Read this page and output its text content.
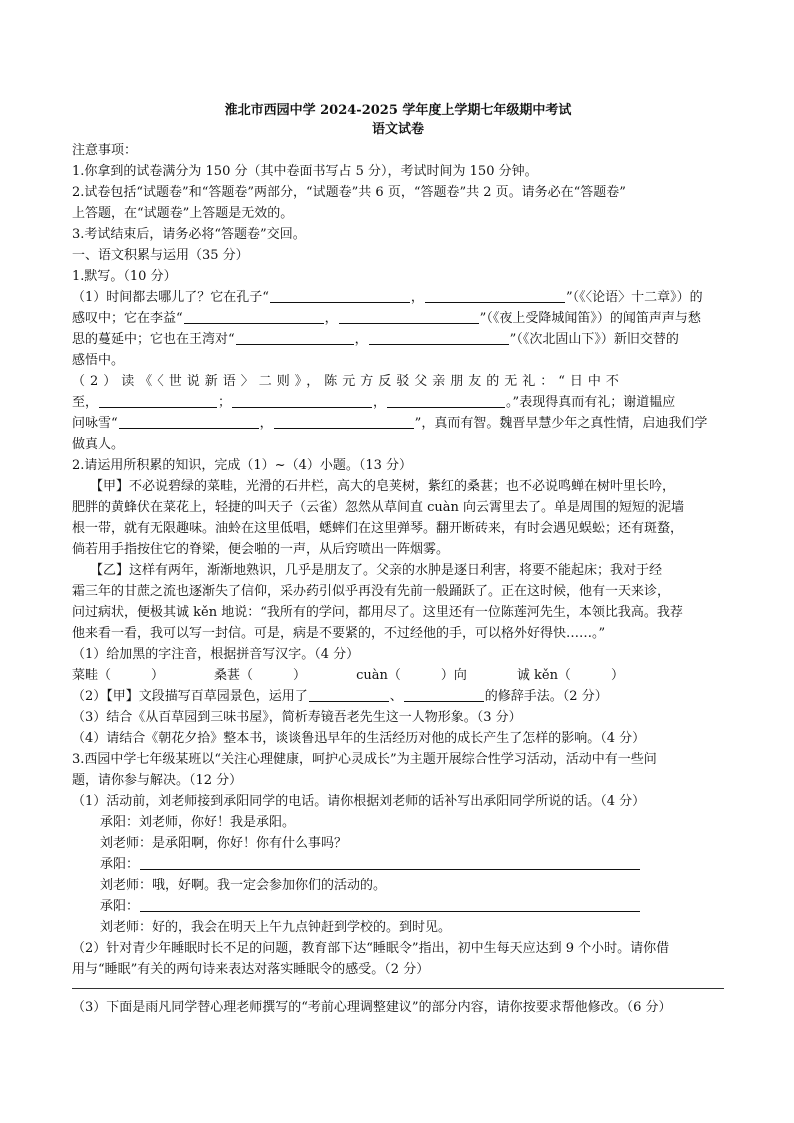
淮北市西园中学 2024-2025 学年度上学期七年级期中考试
语文试卷
注意事项：
1.你拿到的试卷满分为 150 分（其中卷面书写占 5 分），考试时间为 150 分钟。
2.试卷包括“试题卷”和“答题卷”两部分，“试题卷”共 6 页，“答题卷”共 2 页。请务必在“答题卷”
上答题，在“试题卷”上答题是无效的。
3.考试结束后，请务必将“答题卷”交回。
一、语文积累与运用（35 分）
1.默写。（10 分）
（1）时间都去哪儿了？它在孔子“	，	”（《〈论语〉十二章》）的
感叹中；它在李益“	，	”（《夜上受降城闻笛》）的闻笛声声与愁
思的蔓延中；它也在王湾对“	，	”（《次北固山下》）新旧交替的
感悟中。
（2）读《〈世说新语〉二则》，陈元方反驳父亲朋友的无礼：“日中不
至，	；	，	。”表现得真而有礼；谢道韫应
问咏雪“	，	”，真而有智。魏晋早慧少年之真性情，启迪我们学
做真人。
2.请运用所积累的知识，完成（1）~（4）小题。（13 分）
【甲】不必说碧绿的菜畦，光滑的石井栏，高大的皂荚树，紫红的桑葚；也不必说鸣蝉在树叶里长吟，
肥胖的黄蜂伏在菜花上，轻捷的叫天子（云雀）忽然从草间直 cuàn 向云霄里去了。单是周围的短短的泥墙
根一带，就有无限趣味。油蛉在这里低唱，蟋蟀们在这里弹琴。翻开断砖来，有时会遇见蜈蚣；还有斑蝥，
倘若用手指按住它的脊梁，便会啪的一声，从后窍喷出一阵烟雾。
【乙】这样有两年，渐渐地熟识，几乎是朋友了。父亲的水肿是逐日利害，将要不能起床；我对于经
霜三年的甘蔗之流也逐渐失了信仰，采办药引似乎再没有先前一般踊跃了。正在这时候，他有一天来诊，
问过病状，便极其诚 kěn 地说：“我所有的学问，都用尽了。这里还有一位陈莲河先生，本领比我高。我荐
他来看一看，我可以写一封信。可是，病是不要紧的，不过经他的手，可以格外好得快……。”
（1）给加黑的字注音，根据拼音写汉字。（4 分）
菜畦（	）	桑葚（	）	cuàn（	）向	诚 kěn（	）
（2）【甲】文段描写百草园景色，运用了	、	的修辞手法。（2 分）
（3）结合《从百草园到三味书屋》，简析寿镜吾老先生这一人物形象。（3 分）
（4）请结合《朝花夕拾》整本书，谈谈鲁迅早年的生活经历对他的成长产生了怎样的影响。（4 分）
3.西园中学七年级某班以“关注心理健康，呵护心灵成长”为主题开展综合性学习活动，活动中有一些问
题，请你参与解决。（12 分）
（1）活动前，刘老师接到承阳同学的电话。请你根据刘老师的话补写出承阳同学所说的话。（4 分）
承阳：刘老师，你好！我是承阳。
刘老师：是承阳啊，你好！你有什么事吗？
承阳：
刘老师：哦，好啊。我一定会参加你们的活动的。
承阳：
刘老师：好的，我会在明天上午九点钟赶到学校的。到时见。
（2）针对青少年睡眠时长不足的问题，教育部下达“睡眠令”指出，初中生每天应达到 9 个小时。请你借
用与“睡眠”有关的两句诗来表达对落实睡眠令的感受。（2 分）
（3）下面是雨凡同学替心理老师撰写的“考前心理调整建议”的部分内容，请你按要求帮他修改。（6 分）
